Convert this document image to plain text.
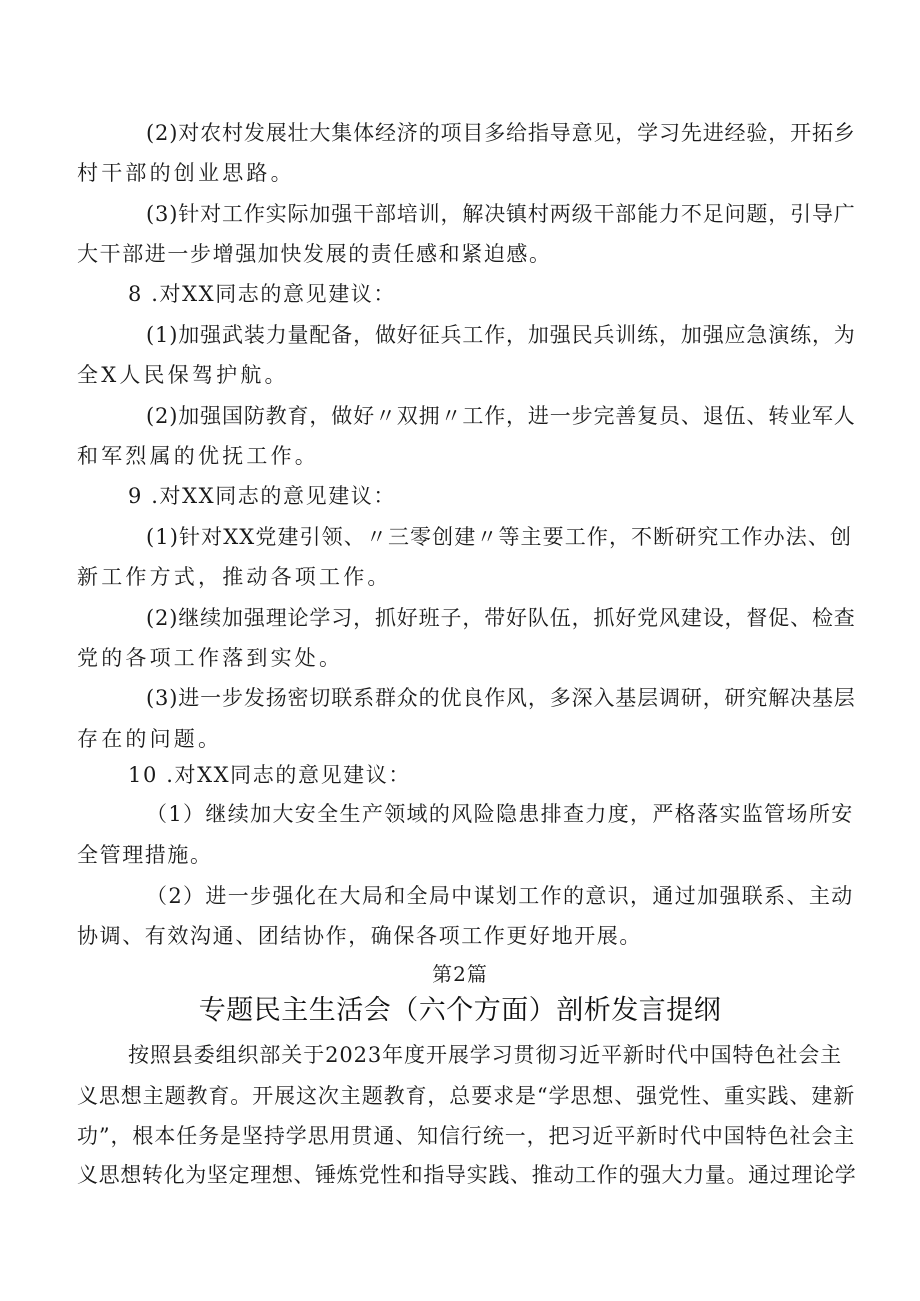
(2)对农村发展壮大集体经济的项目多给指导意见，学习先进经验，开拓乡
村干部的创业思路。
(3)针对工作实际加强干部培训，解决镇村两级干部能力不足问题，引导广
大干部进一步增强加快发展的责任感和紧迫感。
8 .对XX同志的意见建议：
(1)加强武装力量配备，做好征兵工作，加强民兵训练，加强应急演练，为
全X人民保驾护航。
(2)加强国防教育，做好〃双拥〃工作，进一步完善复员、退伍、转业军人
和军烈属的优抚工作。
9 .对XX同志的意见建议：
(1)针对XX党建引领、〃三零创建〃等主要工作，不断研究工作办法、创
新工作方式，推动各项工作。
(2)继续加强理论学习，抓好班子，带好队伍，抓好党风建设，督促、检查
党的各项工作落到实处。
(3)进一步发扬密切联系群众的优良作风，多深入基层调研，研究解决基层
存在的问题。
10 .对XX同志的意见建议：
（1）继续加大安全生产领域的风险隐患排查力度，严格落实监管场所安
全管理措施。
（2）进一步强化在大局和全局中谋划工作的意识，通过加强联系、主动
协调、有效沟通、团结协作，确保各项工作更好地开展。
第2篇
专题民主生活会（六个方面）剖析发言提纲
按照县委组织部关于2023年度开展学习贯彻习近平新时代中国特色社会主
义思想主题教育。开展这次主题教育，总要求是“学思想、强党性、重实践、建新
功”，根本任务是坚持学思用贯通、知信行统一，把习近平新时代中国特色社会主
义思想转化为坚定理想、锤炼党性和指导实践、推动工作的强大力量。通过理论学
